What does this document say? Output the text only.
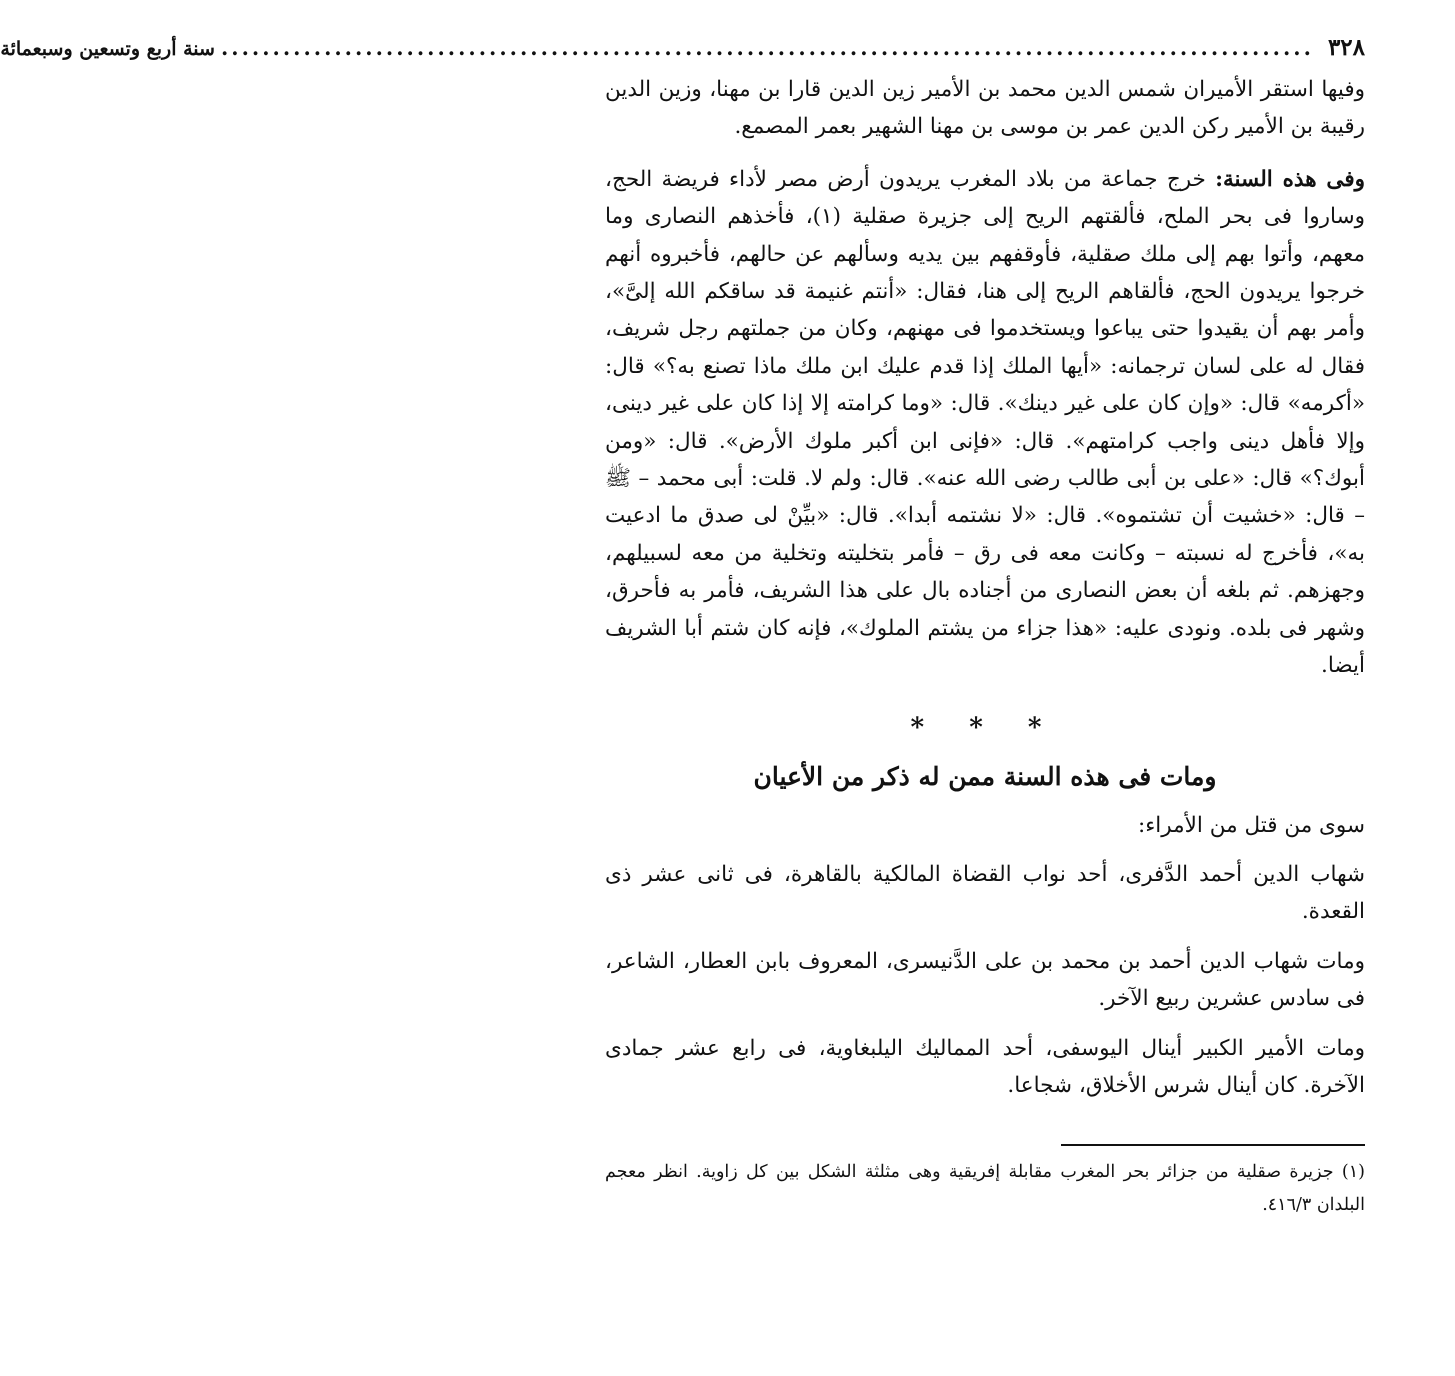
٣٢٨
..........................................................................................................
سنة أربع وتسعين وسبعمائة

وفيها استقر الأميران شمس الدين محمد بن الأمير زين الدين قارا بن مهنا، وزين الدين رقيبة بن الأمير ركن الدين عمر بن موسى بن مهنا الشهير بعمر المصمع.

وفى هذه السنة: خرج جماعة من بلاد المغرب يريدون أرض مصر لأداء فريضة الحج، وساروا فى بحر الملح، فألقتهم الريح إلى جزيرة صقلية (١)، فأخذهم النصارى وما معهم، وأتوا بهم إلى ملك صقلية، فأوقفهم بين يديه وسألهم عن حالهم، فأخبروه أنهم خرجوا يريدون الحج، فألقاهم الريح إلى هنا، فقال: «أنتم غنيمة قد ساقكم الله إلىَّ»، وأمر بهم أن يقيدوا حتى يباعوا ويستخدموا فى مهنهم، وكان من جملتهم رجل شريف، فقال له على لسان ترجمانه: «أيها الملك إذا قدم عليك ابن ملك ماذا تصنع به؟» قال: «أكرمه» قال: «وإن كان على غير دينك». قال: «وما كرامته إلا إذا كان على غير دينى، وإلا فأهل دينى واجب كرامتهم». قال: «فإنى ابن أكبر ملوك الأرض». قال: «ومن أبوك؟» قال: «على بن أبى طالب رضى الله عنه». قال: ولم لا. قلت: أبى محمد – ﷺ – قال: «خشيت أن تشتموه». قال: «لا نشتمه أبدا». قال: «بيِّنْ لى صدق ما ادعيت به»، فأخرج له نسبته – وكانت معه فى رق – فأمر بتخليته وتخلية من معه لسبيلهم، وجهزهم. ثم بلغه أن بعض النصارى من أجناده بال على هذا الشريف، فأمر به فأحرق، وشهر فى بلده. ونودى عليه: «هذا جزاء من يشتم الملوك»، فإنه كان شتم أبا الشريف أيضا.

* * *
ومات فى هذه السنة ممن له ذكر من الأعيان

سوى من قتل من الأمراء:

شهاب الدين أحمد الدَّفرى، أحد نواب القضاة المالكية بالقاهرة، فى ثانى عشر ذى القعدة.

ومات شهاب الدين أحمد بن محمد بن على الدَّنيسرى، المعروف بابن العطار، الشاعر، فى سادس عشرين ربيع الآخر.

ومات الأمير الكبير أينال اليوسفى، أحد المماليك اليلبغاوية، فى رابع عشر جمادى الآخرة. كان أينال شرس الأخلاق، شجاعا.

(١) جزيرة صقلية من جزائر بحر المغرب مقابلة إفريقية وهى مثلثة الشكل بين كل زاوية. انظر معجم البلدان ٤١٦/٣.
